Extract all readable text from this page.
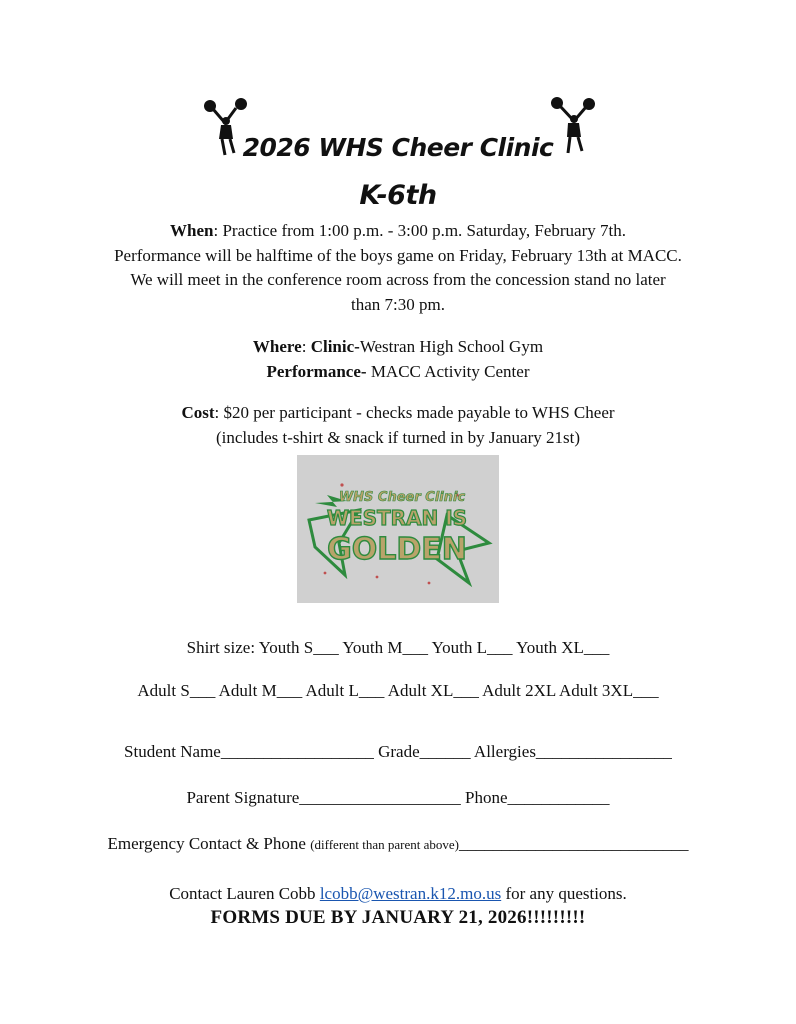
2026 WHS Cheer Clinic
K-6th
When: Practice from 1:00 p.m. - 3:00 p.m. Saturday, February 7th.
Performance will be halftime of the boys game on Friday, February 13th at MACC.
We will meet in the conference room across from the concession stand no later
than 7:30 pm.
Where: Clinic-Westran High School Gym
Performance- MACC Activity Center
Cost: $20 per participant - checks made payable to WHS Cheer
(includes t-shirt & snack if turned in by January 21st)
WHS Cheer Clinic
WESTRAN IS
GOLDEN
Shirt size: Youth S___ Youth M___ Youth L___ Youth XL___
Adult S___ Adult M___ Adult L___ Adult XL___ Adult 2XL Adult 3XL___
Student Name__________________ Grade______ Allergies________________
Parent Signature___________________ Phone____________
Emergency Contact & Phone (different than parent above)___________________________
Contact Lauren Cobb lcobb@westran.k12.mo.us for any questions.
FORMS DUE BY JANUARY 21, 2026!!!!!!!!!
